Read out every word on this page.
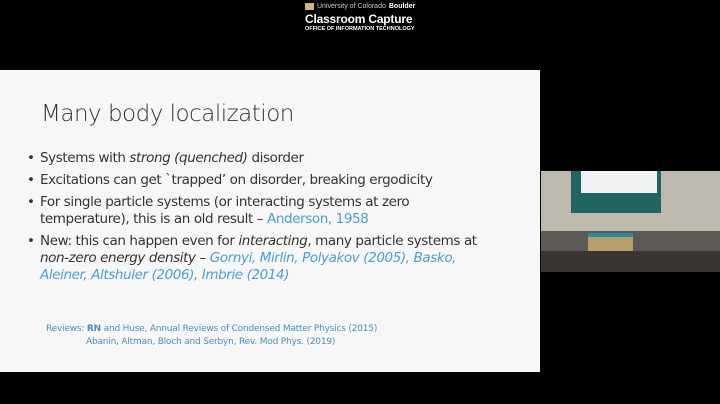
University of Colorado Boulder
Classroom Capture
OFFICE OF INFORMATION TECHNOLOGY
Many body localization
• Systems with strong (quenched) disorder
• Excitations can get `trapped’ on disorder, breaking ergodicity
• For single particle systems (or interacting systems at zero temperature), this is an old result – Anderson, 1958
• New: this can happen even for interacting, many particle systems at non-zero energy density – Gornyi, Mirlin, Polyakov (2005), Basko, Aleiner, Altshuler (2006), Imbrie (2014)
Reviews: RN and Huse, Annual Reviews of Condensed Matter Physics (2015)
Abanin, Altman, Bloch and Serbyn, Rev. Mod Phys. (2019)
